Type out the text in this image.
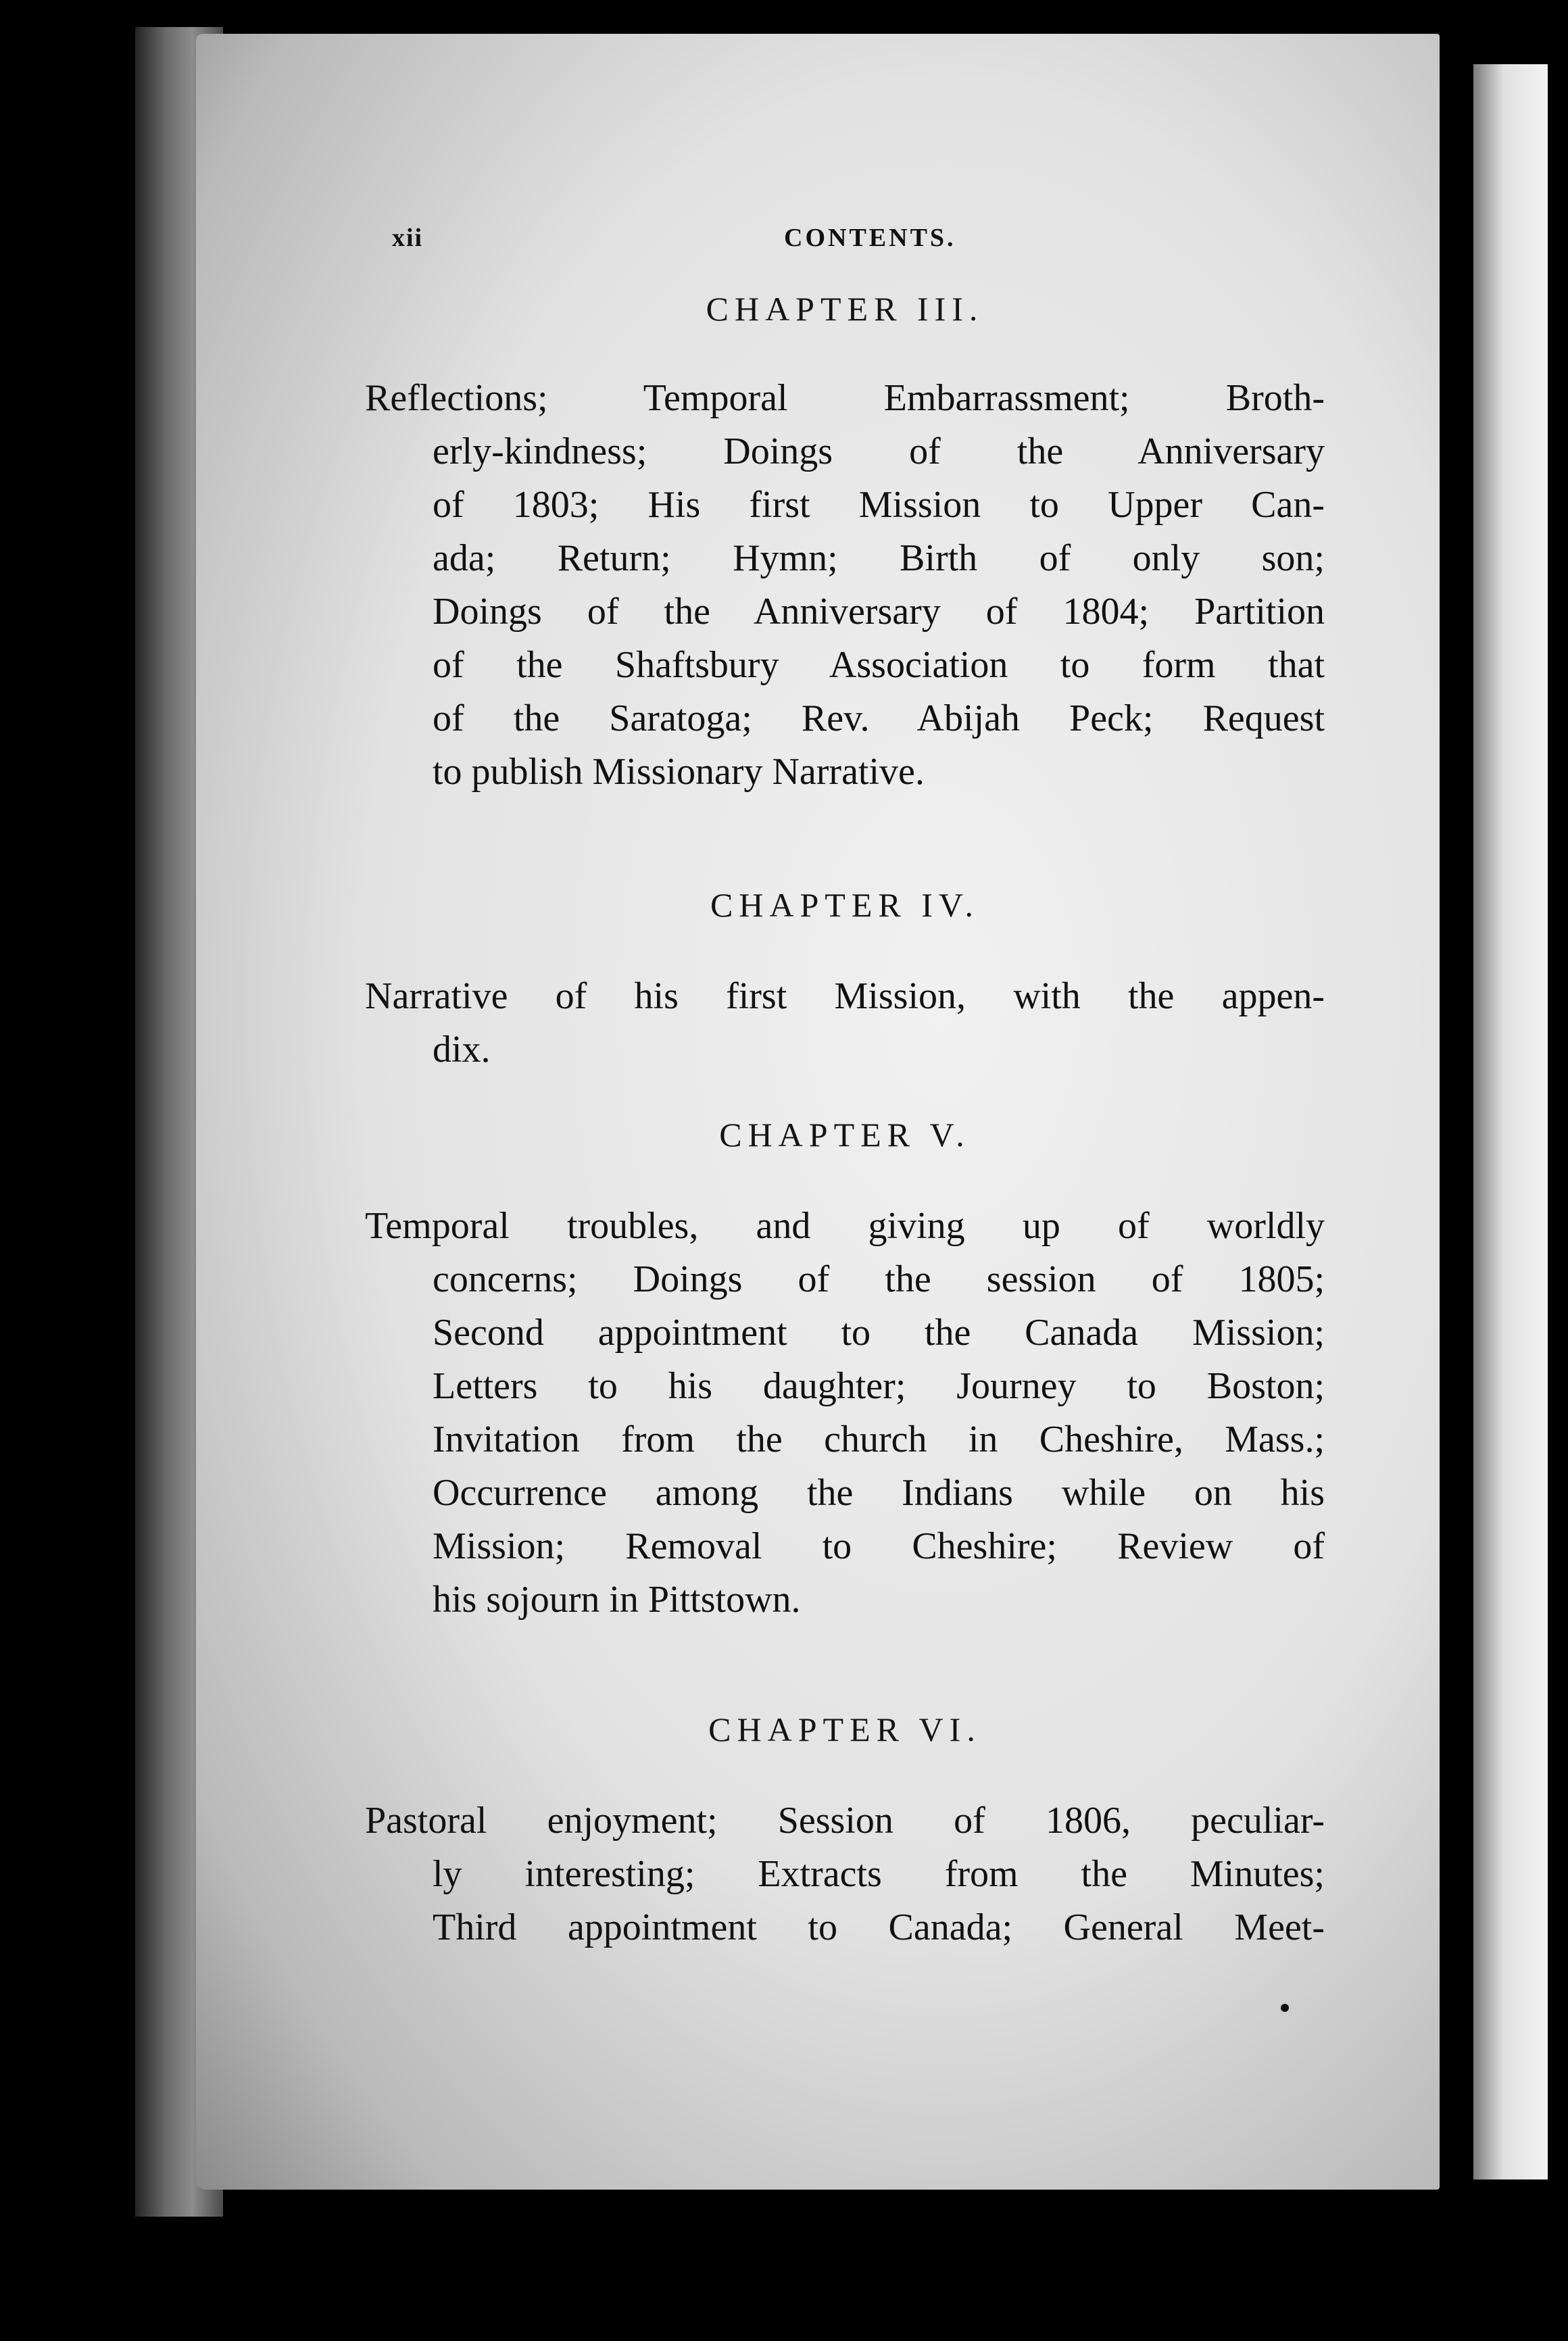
xii	CONTENTS.
CHAPTER III.
Reflections; Temporal Embarrassment; Broth-
erly-kindness; Doings of the Anniversary
of 1803; His first Mission to Upper Can-
ada; Return; Hymn; Birth of only son;
Doings of the Anniversary of 1804; Partition
of the Shaftsbury Association to form that
of the Saratoga; Rev. Abijah Peck; Request
to publish Missionary Narrative.
CHAPTER IV.
Narrative of his first Mission, with the appen-
dix.
CHAPTER V.
Temporal troubles, and giving up of worldly
concerns; Doings of the session of 1805;
Second appointment to the Canada Mission;
Letters to his daughter; Journey to Boston;
Invitation from the church in Cheshire, Mass.;
Occurrence among the Indians while on his
Mission; Removal to Cheshire; Review of
his sojourn in Pittstown.
CHAPTER VI.
Pastoral enjoyment; Session of 1806, peculiar-
ly interesting; Extracts from the Minutes;
Third appointment to Canada; General Meet-
